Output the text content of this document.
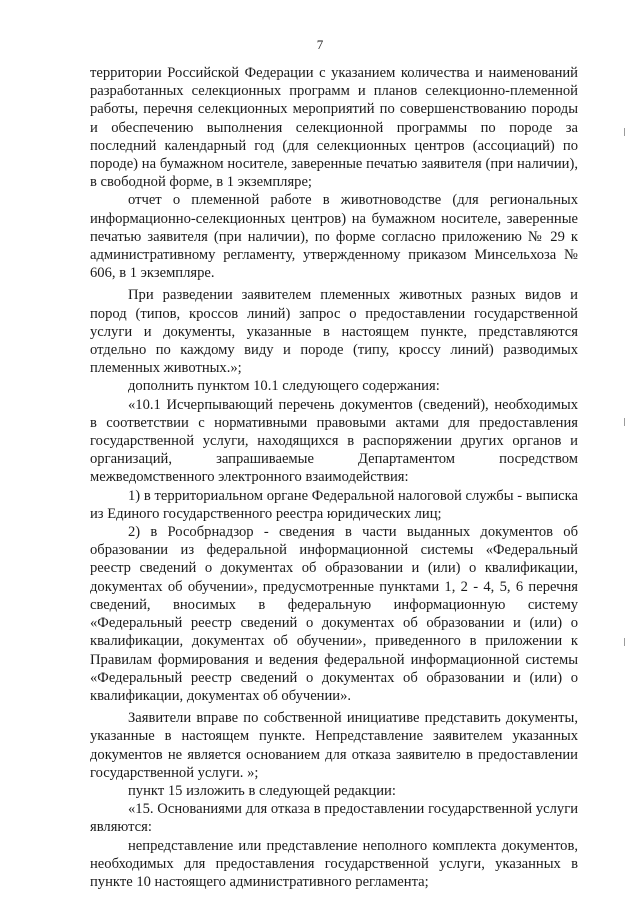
7

территории Российской Федерации с указанием количества и наименований разработанных селекционных программ и планов селекционно-племенной работы, перечня селекционных мероприятий по совершенствованию породы и обеспечению выполнения селекционной программы по породе за последний календарный год (для селекционных центров (ассоциаций) по породе) на бумажном носителе, заверенные печатью заявителя (при наличии), в свободной форме, в 1 экземпляре;

отчет о племенной работе в животноводстве (для региональных информационно-селекционных центров) на бумажном носителе, заверенные печатью заявителя (при наличии), по форме согласно приложению № 29 к административному регламенту, утвержденному приказом Минсельхоза № 606, в 1 экземпляре.

При разведении заявителем племенных животных разных видов и пород (типов, кроссов линий) запрос о предоставлении государственной услуги и документы, указанные в настоящем пункте, представляются отдельно по каждому виду и породе (типу, кроссу линий) разводимых племенных животных.»;

дополнить пунктом 10.1 следующего содержания:

«10.1 Исчерпывающий перечень документов (сведений), необходимых в соответствии с нормативными правовыми актами для предоставления государственной услуги, находящихся в распоряжении других органов и организаций, запрашиваемые Департаментом посредством межведомственного электронного взаимодействия:

1) в территориальном органе Федеральной налоговой службы - выписка из Единого государственного реестра юридических лиц;

2) в Рособрнадзор - сведения в части выданных документов об образовании из федеральной информационной системы «Федеральный реестр сведений о документах об образовании и (или) о квалификации, документах об обучении», предусмотренные пунктами 1, 2 - 4, 5, 6 перечня сведений, вносимых в федеральную информационную систему «Федеральный реестр сведений о документах об образовании и (или) о квалификации, документах об обучении», приведенного в приложении к Правилам формирования и ведения федеральной информационной системы «Федеральный реестр сведений о документах об образовании и (или) о квалификации, документах об обучении».

Заявители вправе по собственной инициативе представить документы, указанные в настоящем пункте. Непредставление заявителем указанных документов не является основанием для отказа заявителю в предоставлении государственной услуги. »;

пункт 15 изложить в следующей редакции:

«15. Основаниями для отказа в предоставлении государственной услуги являются:

непредставление или представление неполного комплекта документов, необходимых для предоставления государственной услуги, указанных в пункте 10 настоящего административного регламента;
